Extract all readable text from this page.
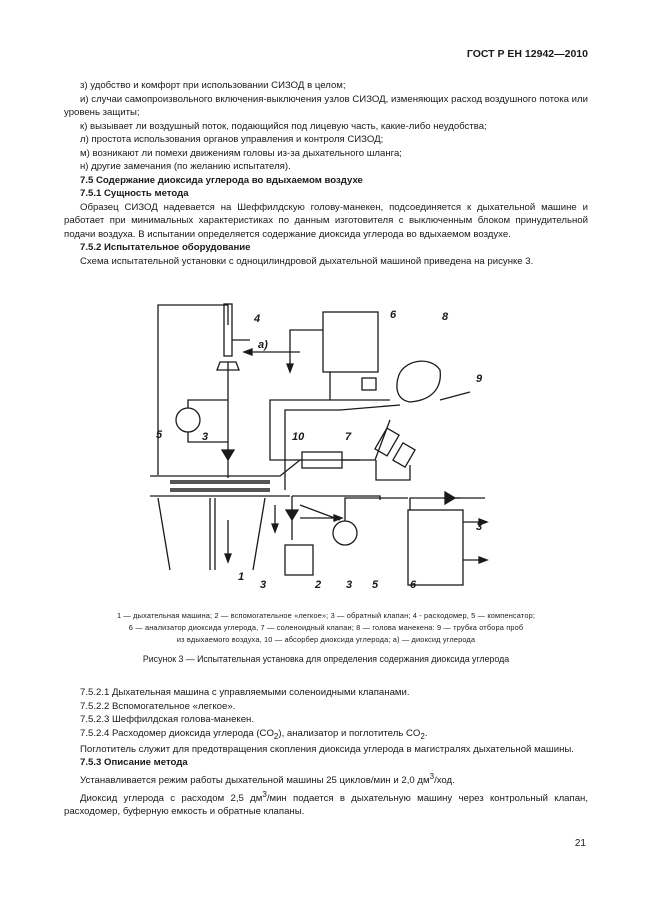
ГОСТ Р ЕН 12942—2010

з) удобство и комфорт при использовании СИЗОД в целом;

и) случаи самопроизвольного включения-выключения узлов СИЗОД, изменяющих расход воздушного потока или уровень защиты;

к) вызывает ли воздушный поток, подающийся под лицевую часть, какие-либо неудобства;

л) простота использования органов управления и контроля СИЗОД;

м) возникают ли помехи движениям головы из-за дыхательного шланга;

н) другие замечания (по желанию испытателя).

7.5 Содержание диоксида углерода во вдыхаемом воздухе

7.5.1 Сущность метода

Образец СИЗОД надевается на Шеффилдскую голову-манекен, подсоединяется к дыхательной машине и работает при минимальных характеристиках по данным изготовителя с выключенным блоком принудительной подачи воздуха. В испытании определяется содержание диоксида углерода во вдыхаемом воздухе.

7.5.2 Испытательное оборудование

Схема испытательной установки с одноцилиндровой дыхательной машиной приведена на рисунке 3.

4
а)
6	8
9
5	3	10	7
3
1
3	2 3 5	6

1 — дыхательная машина; 2 — вспомогательное «легкое»; 3 — обратный клапан; 4 - расходомер, 5 — компенсатор;

6 — анализатор диоксида углерода, 7 — соленоидный клапан; 8 — голова манекена: 9 — трубка отбора проб

из вдыхаемого воздуха, 10 — абсорбер диоксида углерода; а) — диоксид углерода

Рисунок 3 — Испытательная установка для определения содержания диоксида углерода

7.5.2.1 Дыхательная машина с управляемыми соленоидными клапанами.

7.5.2.2 Вспомогательное «легкое».

7.5.2.3 Шеффилдская голова-манекен.

7.5.2.4 Расходомер диоксида углерода $(CO_2)$, анализатор и поглотитель $CO_2$.

Поглотитель служит для предотвращения скопления диоксида углерода в магистралях дыхательной машины.

7.5.3 Описание метода

Устанавливается режим работы дыхательной машины 25 циклов/мин и 2,0 $дм^3$/ход.

Диоксид углерода с расходом 2,5 $дм^3$/мин подается в дыхательную машину через контрольный клапан, расходомер, буферную емкость и обратные клапаны.

21
